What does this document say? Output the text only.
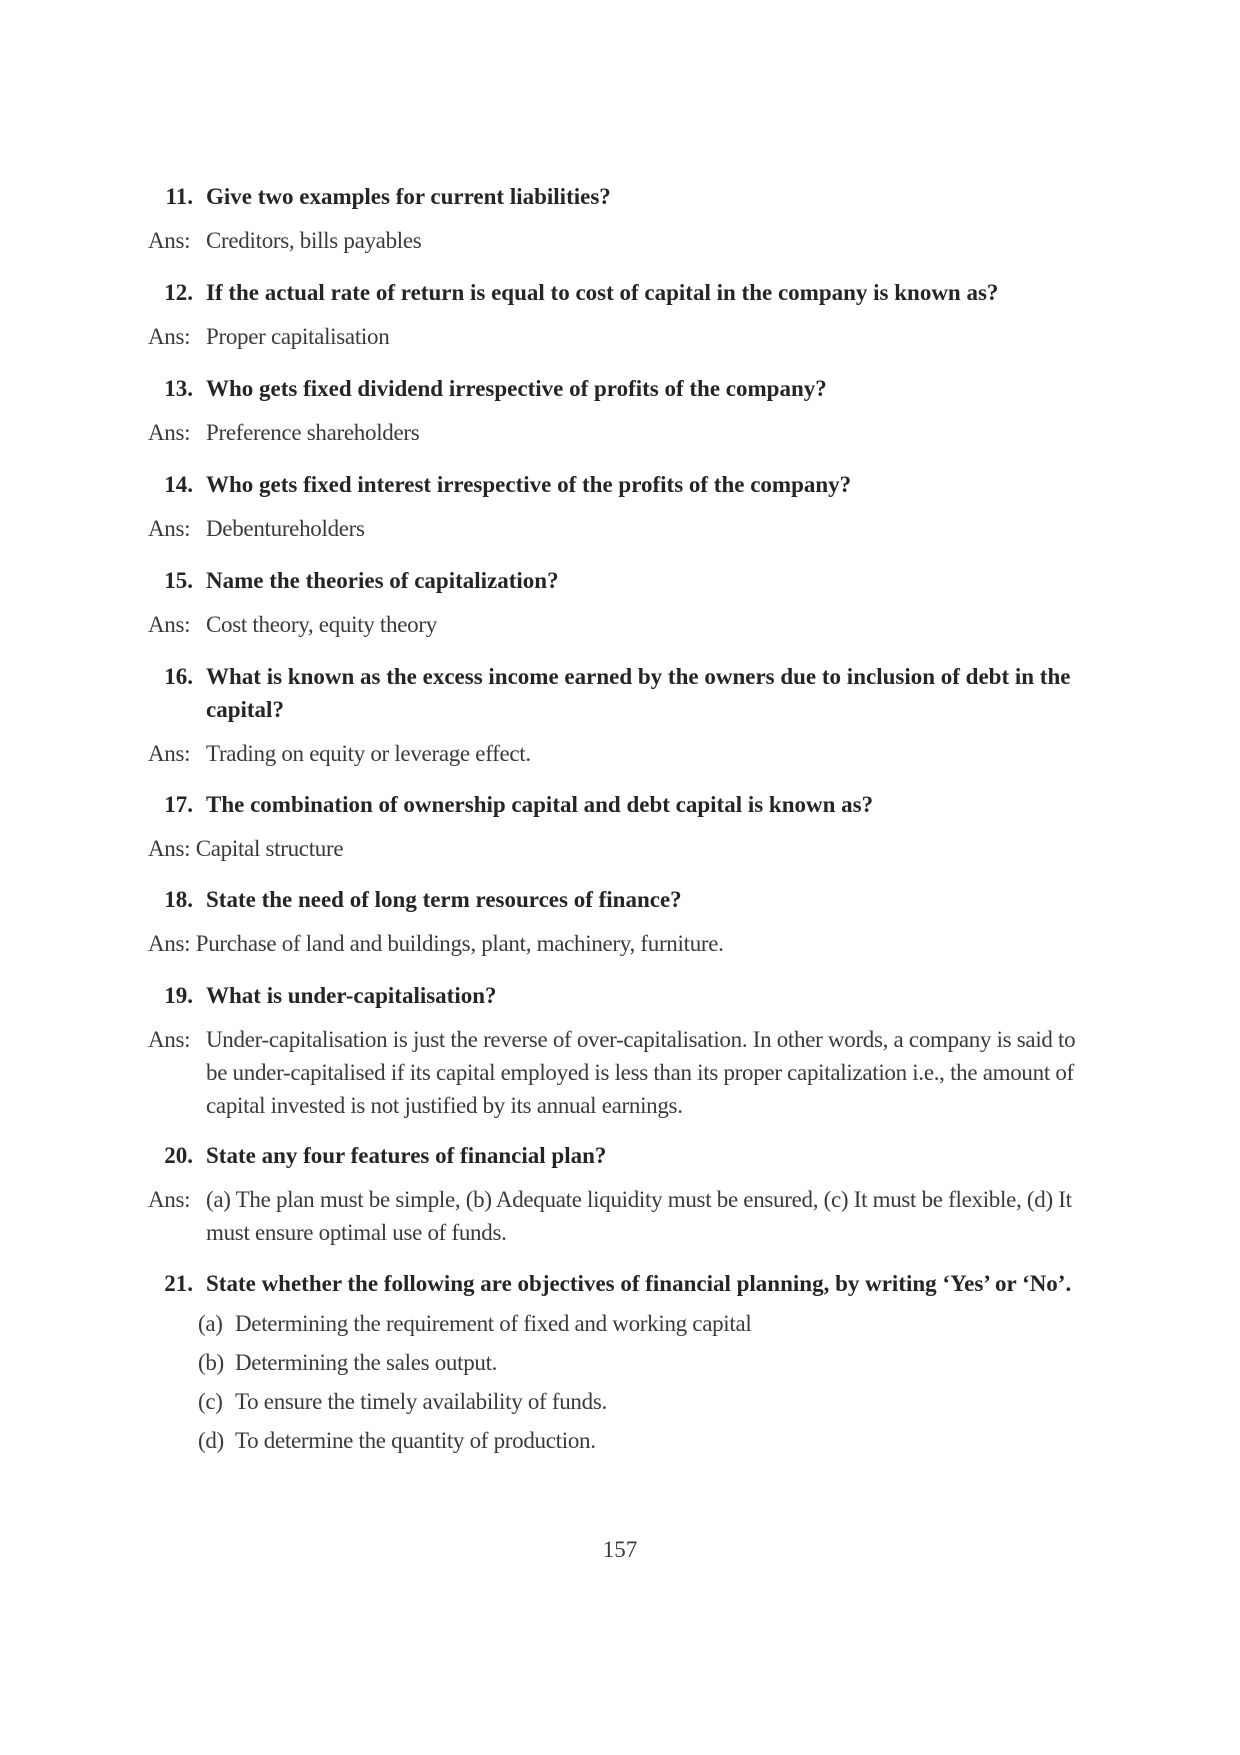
11. Give two examples for current liabilities?
Ans: Creditors, bills payables
12. If the actual rate of return is equal to cost of capital in the company is known as?
Ans: Proper capitalisation
13. Who gets fixed dividend irrespective of profits of the company?
Ans: Preference shareholders
14. Who gets fixed interest irrespective of the profits of the company?
Ans: Debentureholders
15. Name the theories of capitalization?
Ans: Cost theory, equity theory
16. What is known as the excess income earned by the owners due to inclusion of debt in the capital?
Ans: Trading on equity or leverage effect.
17. The combination of ownership capital and debt capital is known as?
Ans: Capital structure
18. State the need of long term resources of finance?
Ans: Purchase of land and buildings, plant, machinery, furniture.
19. What is under-capitalisation?
Ans: Under-capitalisation is just the reverse of over-capitalisation. In other words, a company is said to be under-capitalised if its capital employed is less than its proper capitalization i.e., the amount of capital invested is not justified by its annual earnings.
20. State any four features of financial plan?
Ans: (a) The plan must be simple, (b) Adequate liquidity must be ensured, (c) It must be flexible, (d) It must ensure optimal use of funds.
21. State whether the following are objectives of financial planning, by writing ‘Yes’ or ‘No’.
(a) Determining the requirement of fixed and working capital
(b) Determining the sales output.
(c) To ensure the timely availability of funds.
(d) To determine the quantity of production.
157
